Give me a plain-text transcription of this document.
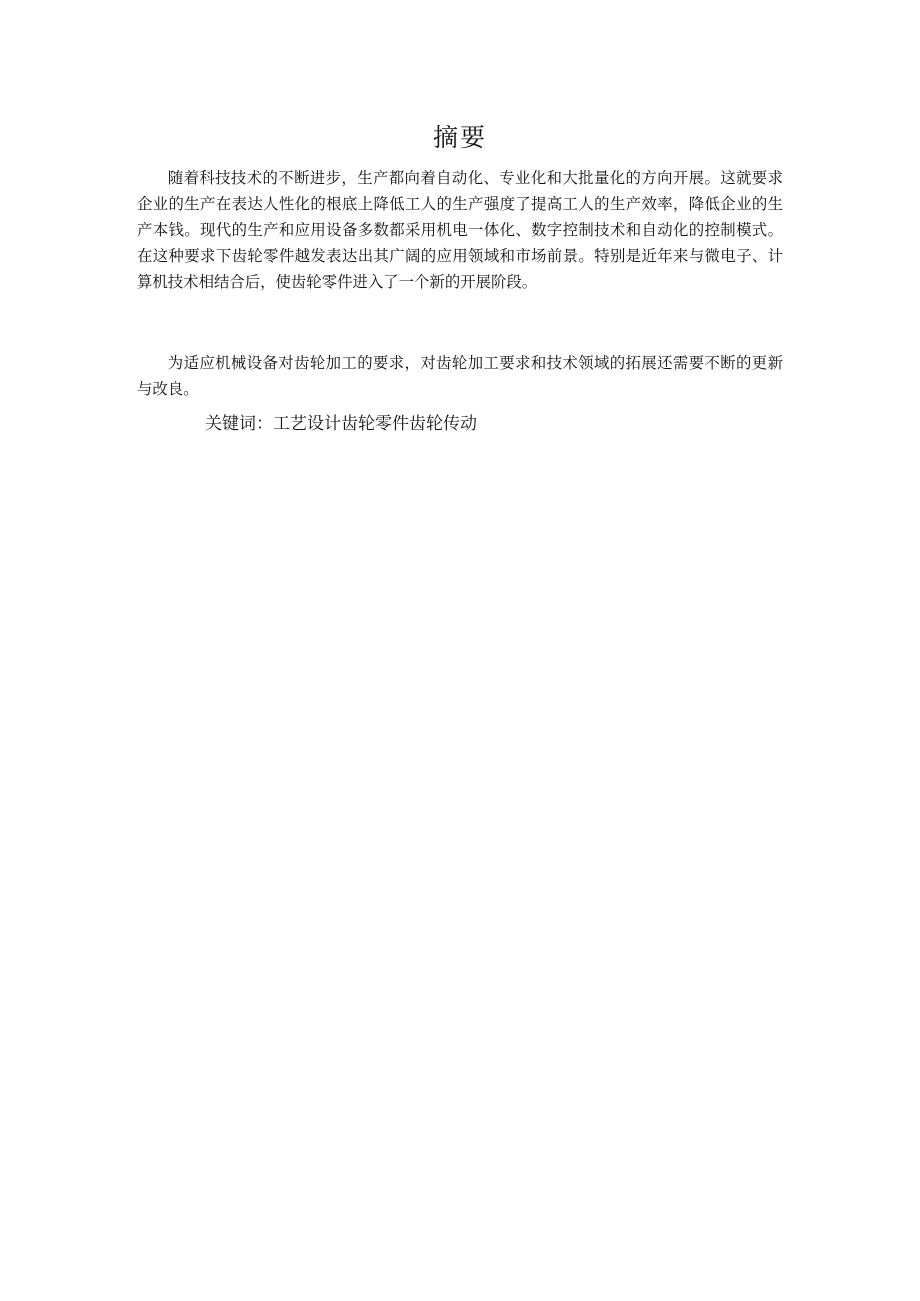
摘要

随着科技技术的不断进步，生产都向着自动化、专业化和大批量化的方向开展。这就要求企业的生产在表达人性化的根底上降低工人的生产强度了提高工人的生产效率，降低企业的生产本钱。现代的生产和应用设备多数都采用机电一体化、数字控制技术和自动化的控制模式。在这种要求下齿轮零件越发表达出其广阔的应用领域和市场前景。特别是近年来与微电子、计算机技术相结合后，使齿轮零件进入了一个新的开展阶段。

为适应机械设备对齿轮加工的要求，对齿轮加工要求和技术领域的拓展还需要不断的更新与改良。

关键词：工艺设计齿轮零件齿轮传动
